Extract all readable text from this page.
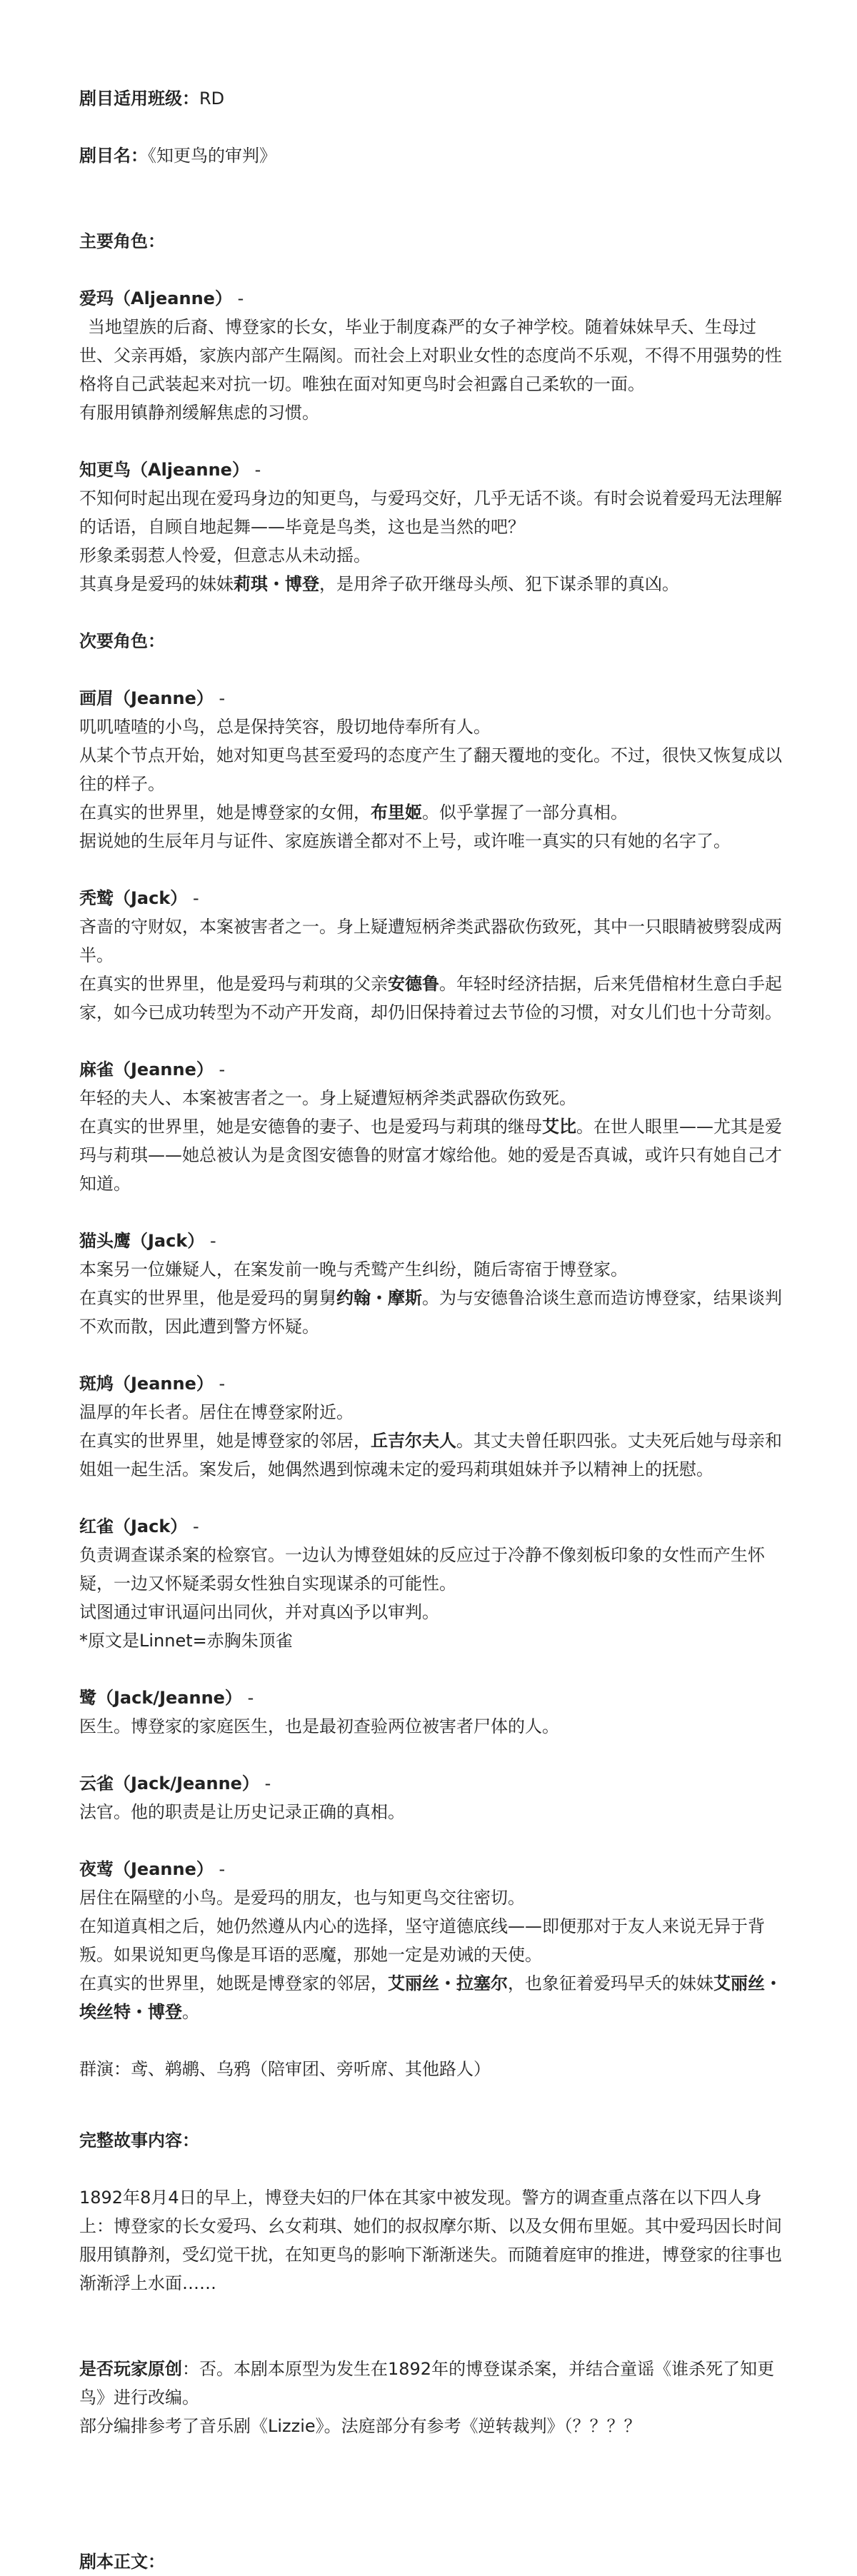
剧目适用班级：RD

剧目名：《知更鸟的审判》

主要角色：

爱玛（Aljeanne） -

当地望族的后裔、博登家的长女，毕业于制度森严的女子神学校。随着妹妹早夭、生母过世、父亲再婚，家族内部产生隔阂。而社会上对职业女性的态度尚不乐观，不得不用强势的性格将自己武装起来对抗一切。唯独在面对知更鸟时会袒露自己柔软的一面。

有服用镇静剂缓解焦虑的习惯。

知更鸟（Aljeanne） -

不知何时起出现在爱玛身边的知更鸟，与爱玛交好，几乎无话不谈。有时会说着爱玛无法理解的话语，自顾自地起舞——毕竟是鸟类，这也是当然的吧？

形象柔弱惹人怜爱，但意志从未动摇。

其真身是爱玛的妹妹莉琪・博登，是用斧子砍开继母头颅、犯下谋杀罪的真凶。

次要角色：

画眉（Jeanne） -

叽叽喳喳的小鸟，总是保持笑容，殷切地侍奉所有人。

从某个节点开始，她对知更鸟甚至爱玛的态度产生了翻天覆地的变化。不过，很快又恢复成以往的样子。

在真实的世界里，她是博登家的女佣，布里姬。似乎掌握了一部分真相。

据说她的生辰年月与证件、家庭族谱全都对不上号，或许唯一真实的只有她的名字了。

秃鹫（Jack） -

吝啬的守财奴，本案被害者之一。身上疑遭短柄斧类武器砍伤致死，其中一只眼睛被劈裂成两半。

在真实的世界里，他是爱玛与莉琪的父亲安德鲁。年轻时经济拮据，后来凭借棺材生意白手起家，如今已成功转型为不动产开发商，却仍旧保持着过去节俭的习惯，对女儿们也十分苛刻。

麻雀（Jeanne） -

年轻的夫人、本案被害者之一。身上疑遭短柄斧类武器砍伤致死。

在真实的世界里，她是安德鲁的妻子、也是爱玛与莉琪的继母艾比。在世人眼里——尤其是爱玛与莉琪——她总被认为是贪图安德鲁的财富才嫁给他。她的爱是否真诚，或许只有她自己才知道。

猫头鹰（Jack） -

本案另一位嫌疑人，在案发前一晚与秃鹫产生纠纷，随后寄宿于博登家。

在真实的世界里，他是爱玛的舅舅约翰・摩斯。为与安德鲁洽谈生意而造访博登家，结果谈判不欢而散，因此遭到警方怀疑。

斑鸠（Jeanne） -

温厚的年长者。居住在博登家附近。

在真实的世界里，她是博登家的邻居，丘吉尔夫人。其丈夫曾任职四张。丈夫死后她与母亲和姐姐一起生活。案发后，她偶然遇到惊魂未定的爱玛莉琪姐妹并予以精神上的抚慰。

红雀（Jack） -

负责调查谋杀案的检察官。一边认为博登姐妹的反应过于冷静不像刻板印象的女性而产生怀疑，一边又怀疑柔弱女性独自实现谋杀的可能性。

试图通过审讯逼问出同伙，并对真凶予以审判。

*原文是Linnet=赤胸朱顶雀

鹭（Jack/Jeanne） -

医生。博登家的家庭医生，也是最初查验两位被害者尸体的人。

云雀（Jack/Jeanne） -

法官。他的职责是让历史记录正确的真相。

夜莺（Jeanne） -

居住在隔壁的小鸟。是爱玛的朋友，也与知更鸟交往密切。

在知道真相之后，她仍然遵从内心的选择，坚守道德底线——即便那对于友人来说无异于背叛。如果说知更鸟像是耳语的恶魔，那她一定是劝诫的天使。

在真实的世界里，她既是博登家的邻居，艾丽丝・拉塞尔，也象征着爱玛早夭的妹妹艾丽丝・埃丝特・博登。

群演：鸢、鹈鹕、乌鸦（陪审团、旁听席、其他路人）

完整故事内容：

1892年8月4日的早上，博登夫妇的尸体在其家中被发现。警方的调查重点落在以下四人身上：博登家的长女爱玛、幺女莉琪、她们的叔叔摩尔斯、以及女佣布里姬。其中爱玛因长时间服用镇静剂，受幻觉干扰，在知更鸟的影响下渐渐迷失。而随着庭审的推进，博登家的往事也渐渐浮上水面……

是否玩家原创：否。本剧本原型为发生在1892年的博登谋杀案，并结合童谣《谁杀死了知更鸟》进行改编。

部分编排参考了音乐剧《Lizzie》。法庭部分有参考《逆转裁判》（？？？？

剧本正文：
